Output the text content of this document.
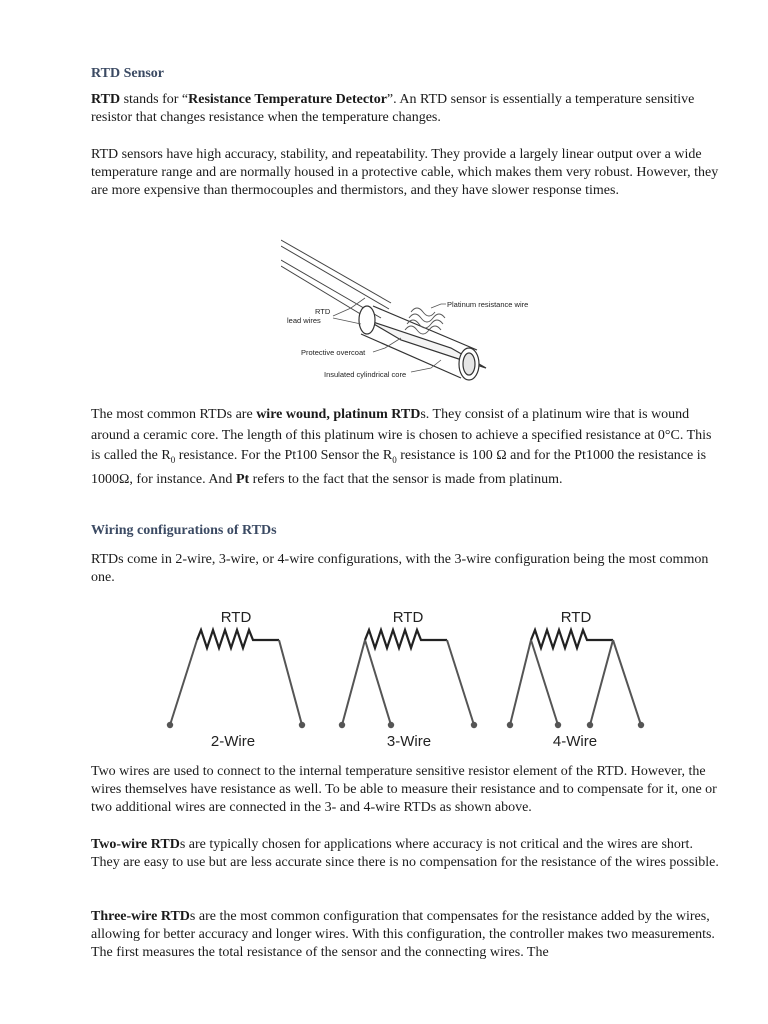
RTD Sensor

RTD stands for “Resistance Temperature Detector”. An RTD sensor is essentially a temperature sensitive resistor that changes resistance when the temperature changes.

RTD sensors have high accuracy, stability, and repeatability. They provide a largely linear output over a wide temperature range and are normally housed in a protective cable, which makes them very robust. However, they are more expensive than thermocouples and thermistors, and they have slower response times.

RTD
lead wires
Platinum resistance wire
Protective overcoat
Insulated cylindrical core

The most common RTDs are wire wound, platinum RTDs. They consist of a platinum wire that is wound around a ceramic core. The length of this platinum wire is chosen to achieve a specified resistance at 0°C. This is called the $R_0$ resistance. For the Pt100 Sensor the $R_0$ resistance is 100 Ω and for the Pt1000 the resistance is 1000Ω, for instance. And Pt refers to the fact that the sensor is made from platinum.

Wiring configurations of RTDs

RTDs come in 2-wire, 3-wire, or 4-wire configurations, with the 3-wire configuration being the most common one.

RTD	RTD	RTD
2-Wire	3-Wire	4-Wire

Two wires are used to connect to the internal temperature sensitive resistor element of the RTD. However, the wires themselves have resistance as well. To be able to measure their resistance and to compensate for it, one or two additional wires are connected in the 3- and 4-wire RTDs as shown above.

Two-wire RTDs are typically chosen for applications where accuracy is not critical and the wires are short. They are easy to use but are less accurate since there is no compensation for the resistance of the wires possible.

Three-wire RTDs are the most common configuration that compensates for the resistance added by the wires, allowing for better accuracy and longer wires. With this configuration, the controller makes two measurements. The first measures the total resistance of the sensor and the connecting wires. The
